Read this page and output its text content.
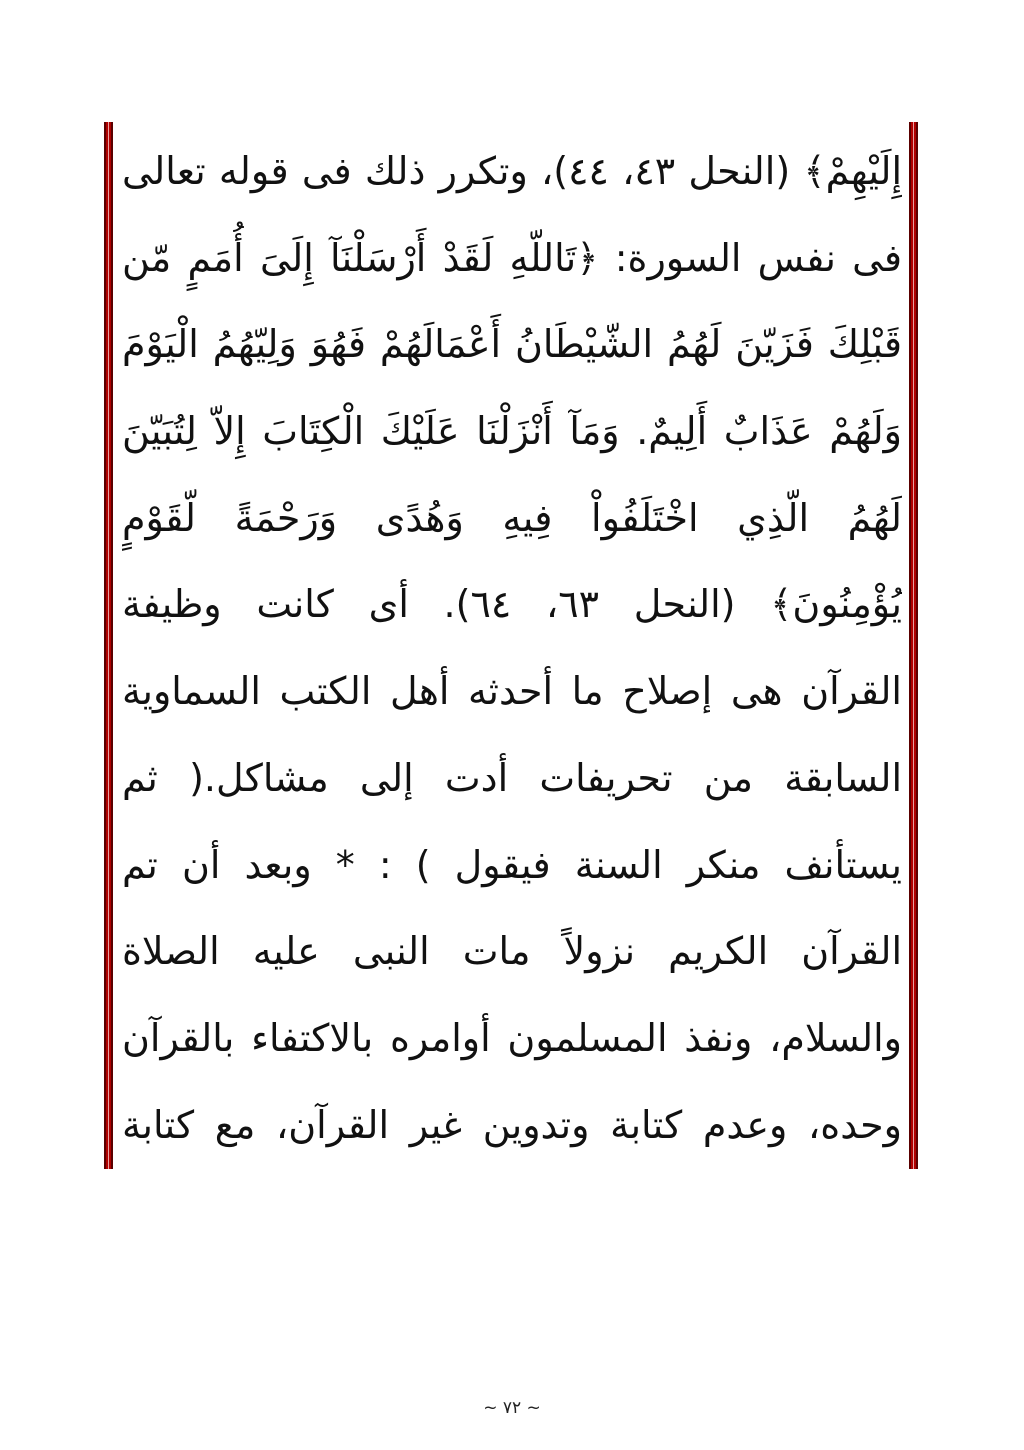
إِلَيْهِمْ﴾ (النحل ٤٣، ٤٤)، وتكرر ذلك فى قوله تعالى
فى نفس السورة: ﴿تَاللّهِ لَقَدْ أَرْسَلْنَآ إِلَىَ أُمَمٍ مّن
قَبْلِكَ فَزَيّنَ لَهُمُ الشّيْطَانُ أَعْمَالَهُمْ فَهُوَ وَلِيّهُمُ الْيَوْمَ
وَلَهُمْ عَذَابٌ أَلِيمٌ. وَمَآ أَنْزَلْنَا عَلَيْكَ الْكِتَابَ إِلاّ لِتُبَيّنَ
لَهُمُ الّذِي اخْتَلَفُواْ فِيهِ وَهُدًى وَرَحْمَةً لّقَوْمٍ
يُؤْمِنُونَ﴾ (النحل ٦٣، ٦٤). أى كانت وظيفة
القرآن هى إصلاح ما أحدثه أهل الكتب السماوية
السابقة من تحريفات أدت إلى مشاكل.( ثم
يستأنف منكر السنة فيقول ) : * وبعد أن تم
القرآن الكريم نزولاً مات النبى عليه الصلاة
والسلام، ونفذ المسلمون أوامره بالاكتفاء بالقرآن
وحده، وعدم كتابة وتدوين غير القرآن، مع كتابة
~ ٧٢ ~
